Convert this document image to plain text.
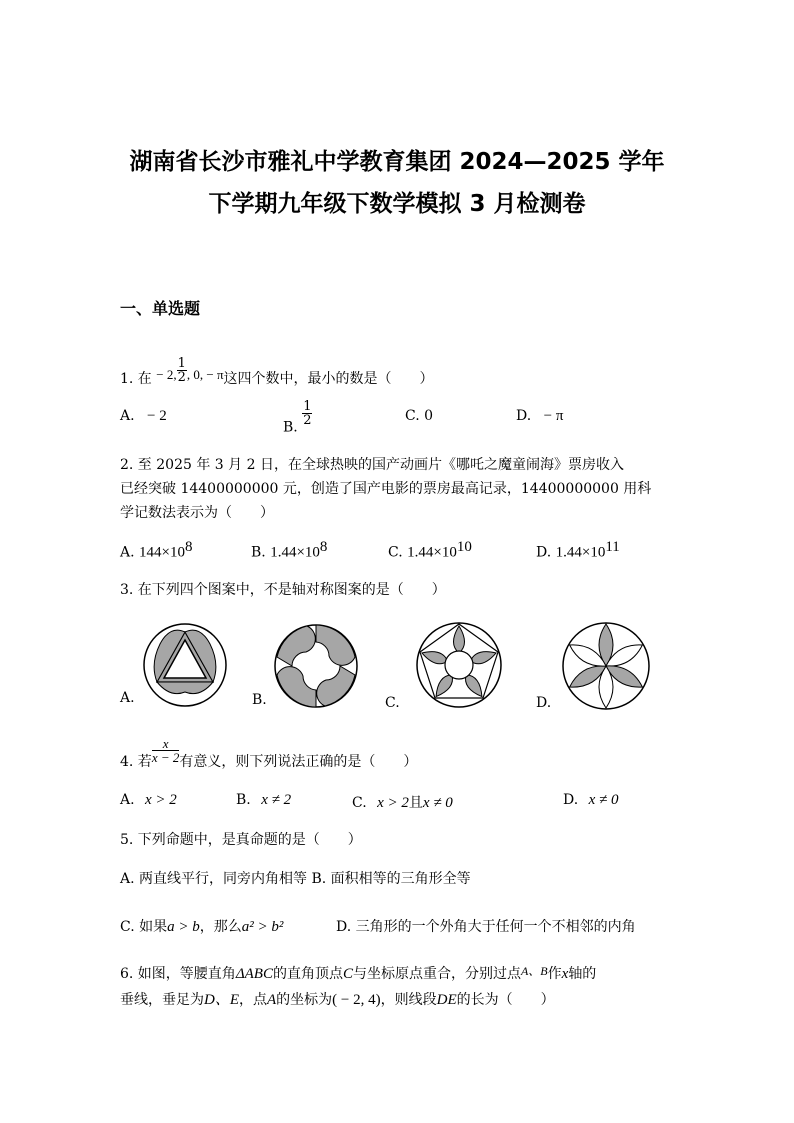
湖南省长沙市雅礼中学教育集团 2024—2025 学年
下学期九年级下数学模拟 3 月检测卷
一、单选题
1. 在 − 2, $\frac{1}{2}$ , 0, − π这四个数中，最小的数是（　　）
A. − 2
B.
$\frac{1}{2}$	C. 0	D. − π
2. 至 2025 年 3 月 2 日，在全球热映的国产动画片《哪吒之魔童闹海》票房收入
已经突破 14400000000 元，创造了国产电影的票房最高记录，14400000000 用科
学记数法表示为（　　）
A. $144\times 10^8$	B. $1.44\times 10^8$	C. $1.44\times 10^{10}$	D. $1.44\times 10^{11}$
3. 在下列四个图案中，不是轴对称图案的是（　　）
A.	B.	C.	D.
4. 若 $\frac{x}{x - 2}$ 有意义，则下列说法正确的是（　　）
A. x > 2	B. x ≠ 2	C. x > 2且x ≠ 0	D. x ≠ 0
5. 下列命题中，是真命题的是（　　）
A. 两直线平行，同旁内角相等 B. 面积相等的三角形全等
C. 如果a > b，那么a² > b²	D. 三角形的一个外角大于任何一个不相邻的内角
6. 如图，等腰直角ΔABC的直角顶点C与坐标原点重合，分别过点A、B作x轴的
垂线，垂足为D、E，点A的坐标为( − 2, 4)，则线段DE的长为（　　）
